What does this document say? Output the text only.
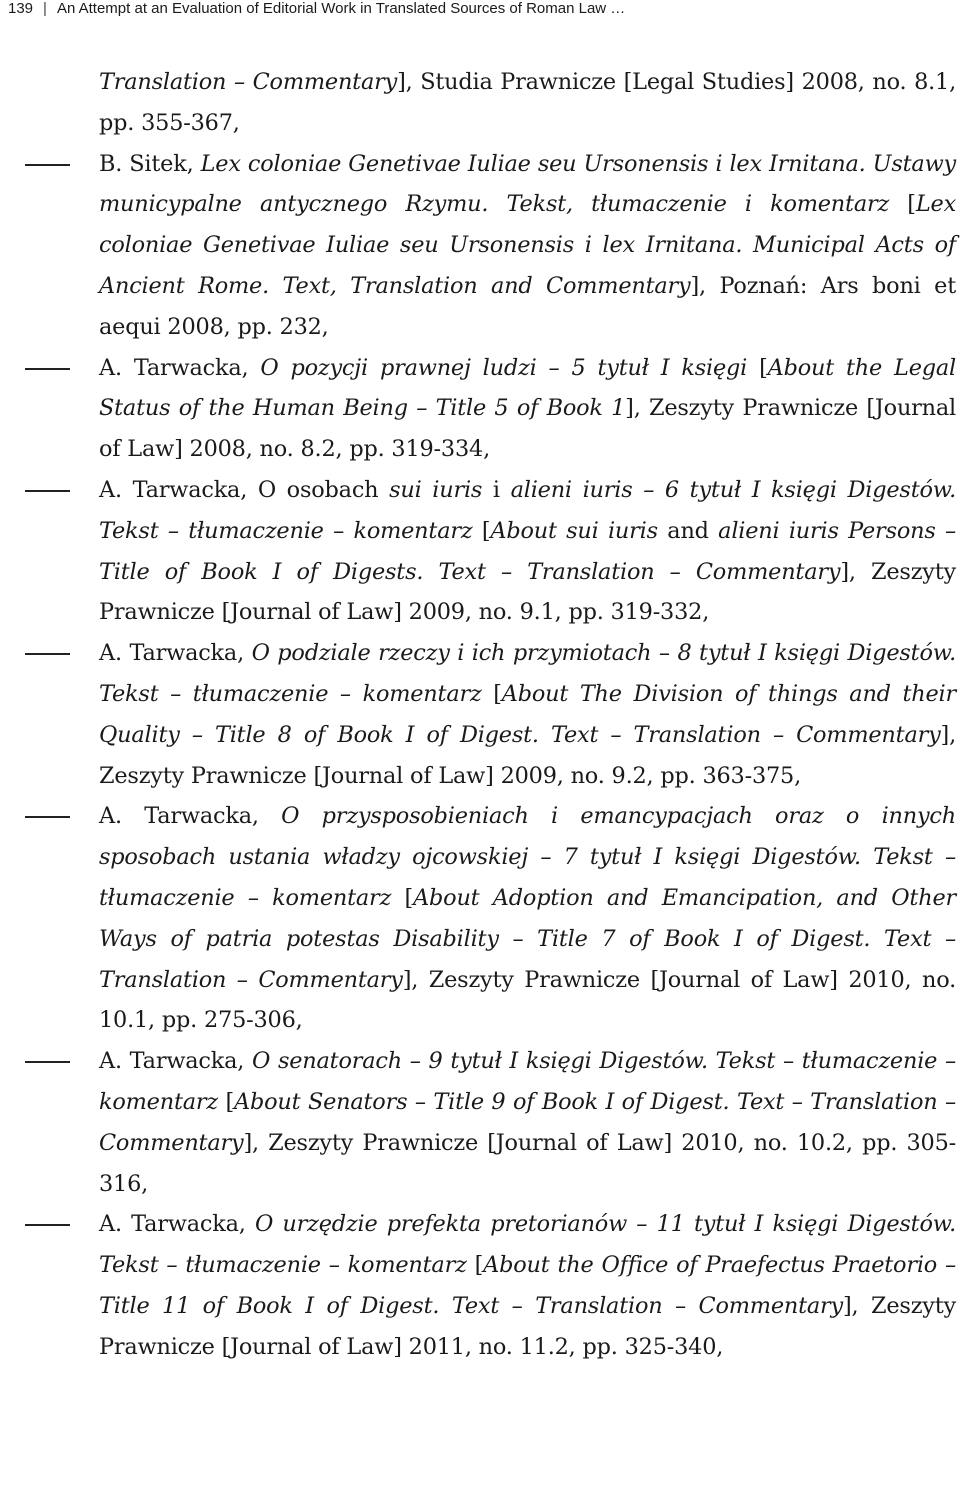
139 | An Attempt at an Evaluation of Editorial Work in Translated Sources of Roman Law …
Translation – Commentary], Studia Prawnicze [Legal Studies] 2008, no. 8.1, pp. 355-367,
B. Sitek, Lex coloniae Genetivae Iuliae seu Ursonensis i lex Irnitana. Ustawy municypalne antycznego Rzymu. Tekst, tłumaczenie i komentarz [Lex coloniae Genetivae Iuliae seu Ursonensis i lex Irnitana. Municipal Acts of Ancient Rome. Text, Translation and Commentary], Poznań: Ars boni et aequi 2008, pp. 232,
A. Tarwacka, O pozycji prawnej ludzi – 5 tytuł I księgi [About the Legal Status of the Human Being – Title 5 of Book 1], Zeszyty Prawnicze [Journal of Law] 2008, no. 8.2, pp. 319-334,
A. Tarwacka, O osobach sui iuris i alieni iuris – 6 tytuł I księgi Digestów. Tekst – tłumaczenie – komentarz [About sui iuris and alieni iuris Persons – Title of Book I of Digests. Text – Translation – Commentary], Zeszyty Prawnicze [Journal of Law] 2009, no. 9.1, pp. 319-332,
A. Tarwacka, O podziale rzeczy i ich przymiotach – 8 tytuł I księgi Digestów. Tekst – tłumaczenie – komentarz [About The Division of things and their Quality – Title 8 of Book I of Digest. Text – Translation – Commentary], Zeszyty Prawnicze [Journal of Law] 2009, no. 9.2, pp. 363-375,
A. Tarwacka, O przysposobieniach i emancypacjach oraz o innych sposobach ustania władzy ojcowskiej – 7 tytuł I księgi Digestów. Tekst – tłumaczenie – komentarz [About Adoption and Emancipation, and Other Ways of patria potestas Disability – Title 7 of Book I of Digest. Text – Translation – Commentary], Zeszyty Prawnicze [Journal of Law] 2010, no. 10.1, pp. 275-306,
A. Tarwacka, O senatorach – 9 tytuł I księgi Digestów. Tekst – tłumaczenie – komentarz [About Senators – Title 9 of Book I of Digest. Text – Translation – Commentary], Zeszyty Prawnicze [Journal of Law] 2010, no. 10.2, pp. 305-316,
A. Tarwacka, O urzędzie prefekta pretorianów – 11 tytuł I księgi Digestów. Tekst – tłumaczenie – komentarz [About the Office of Praefectus Praetorio – Title 11 of Book I of Digest. Text – Translation – Commentary], Zeszyty Prawnicze [Journal of Law] 2011, no. 11.2, pp. 325-340,
